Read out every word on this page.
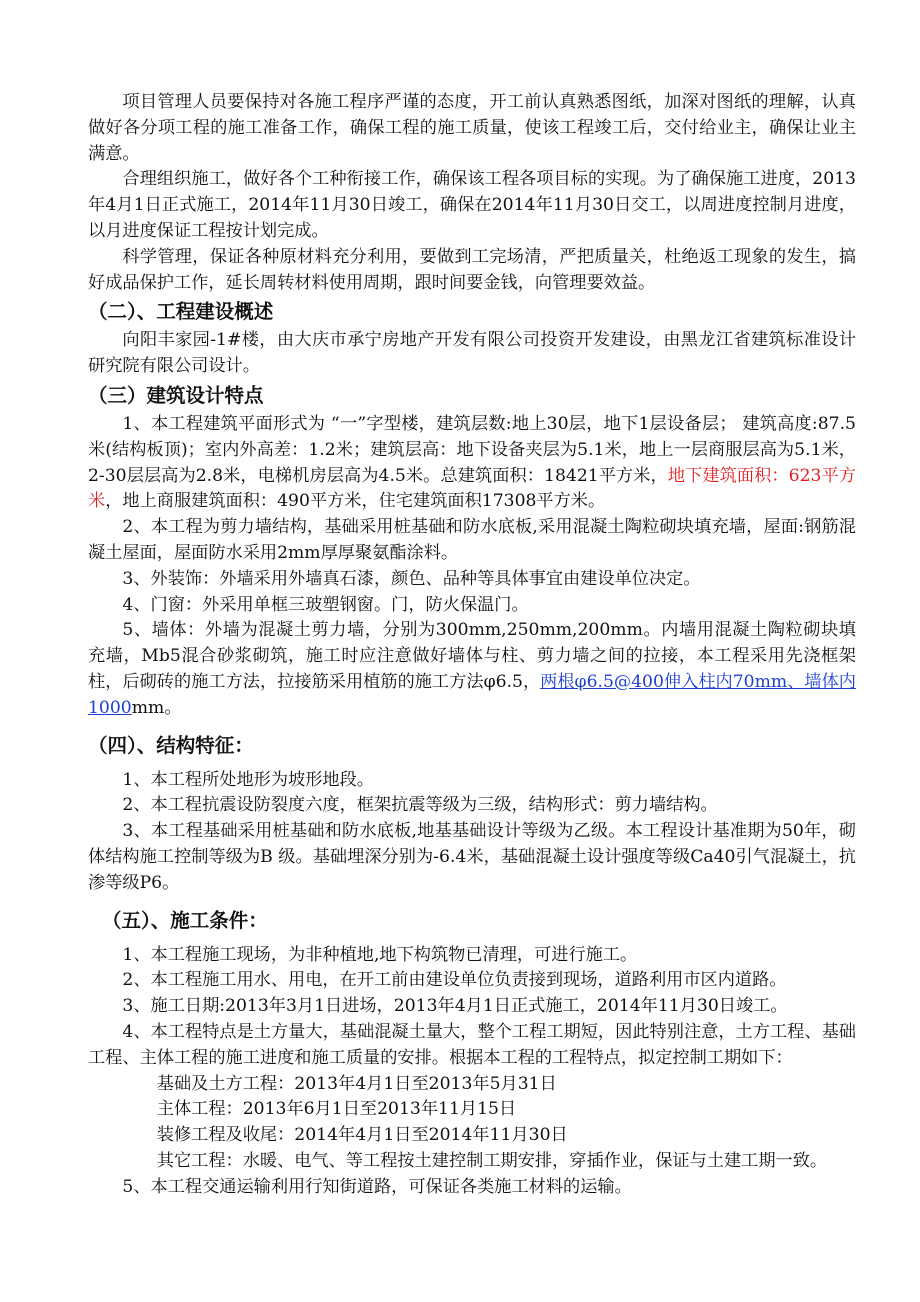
项目管理人员要保持对各施工程序严谨的态度，开工前认真熟悉图纸，加深对图纸的理解，认真做好各分项工程的施工准备工作，确保工程的施工质量，使该工程竣工后，交付给业主，确保让业主满意。

合理组织施工，做好各个工种衔接工作，确保该工程各项目标的实现。为了确保施工进度，2013年4月1日正式施工，2014年11月30日竣工，确保在2014年11月30日交工，以周进度控制月进度，以月进度保证工程按计划完成。

科学管理，保证各种原材料充分利用，要做到工完场清，严把质量关，杜绝返工现象的发生，搞好成品保护工作，延长周转材料使用周期，跟时间要金钱，向管理要效益。

（二）、工程建设概述

向阳丰家园-1#楼，由大庆市承宁房地产开发有限公司投资开发建设，由黑龙江省建筑标准设计研究院有限公司设计。

（三）建筑设计特点

1、本工程建筑平面形式为 “一”字型楼，建筑层数:地上30层，地下1层设备层； 建筑高度:87.5米(结构板顶)；室内外高差：1.2米；建筑层高：地下设备夹层为5.1米，地上一层商服层高为5.1米，2-30层层高为2.8米，电梯机房层高为4.5米。总建筑面积：18421平方米，地下建筑面积：623平方米，地上商服建筑面积：490平方米，住宅建筑面积17308平方米。

2、本工程为剪力墙结构，基础采用桩基础和防水底板,采用混凝土陶粒砌块填充墙，屋面:钢筋混凝土屋面，屋面防水采用2mm厚厚聚氨酯涂料。

3、外装饰：外墙采用外墙真石漆，颜色、品种等具体事宜由建设单位决定。

4、门窗：外采用单框三玻塑钢窗。门，防火保温门。

5、墙体：外墙为混凝土剪力墙，分别为300mm,250mm,200mm。内墙用混凝土陶粒砌块填充墙，Mb5混合砂浆砌筑，施工时应注意做好墙体与柱、剪力墙之间的拉接，本工程采用先浇框架柱，后砌砖的施工方法，拉接筋采用植筋的施工方法φ6.5，两根φ6.5@400伸入柱内70mm、墙体内1000mm。

（四）、结构特征：

1、本工程所处地形为坡形地段。

2、本工程抗震设防裂度六度，框架抗震等级为三级，结构形式：剪力墙结构。

3、本工程基础采用桩基础和防水底板,地基基础设计等级为乙级。本工程设计基准期为50年，砌体结构施工控制等级为B 级。基础埋深分别为-6.4米，基础混凝土设计强度等级Ca40引气混凝土，抗渗等级P6。

（五）、施工条件：

1、本工程施工现场，为非种植地,地下构筑物已清理，可进行施工。

2、本工程施工用水、用电，在开工前由建设单位负责接到现场，道路利用市区内道路。

3、施工日期:2013年3月1日进场，2013年4月1日正式施工，2014年11月30日竣工。

4、本工程特点是土方量大，基础混凝土量大，整个工程工期短，因此特别注意，土方工程、基础工程、主体工程的施工进度和施工质量的安排。根据本工程的工程特点，拟定控制工期如下：

基础及土方工程：2013年4月1日至2013年5月31日

主体工程：2013年6月1日至2013年11月15日

装修工程及收尾：2014年4月1日至2014年11月30日

其它工程：水暖、电气、等工程按土建控制工期安排，穿插作业，保证与土建工期一致。

5、本工程交通运输利用行知街道路，可保证各类施工材料的运输。
